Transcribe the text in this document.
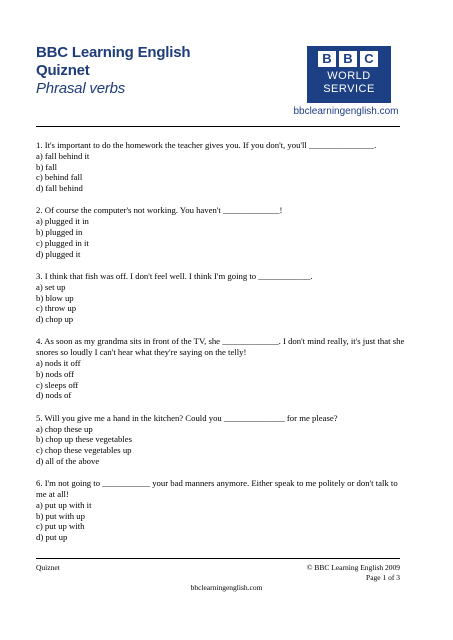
BBC Learning English
Quiznet
Phrasal verbs
B B C
WORLD
SERVICE
bbclearningenglish.com
1. It's important to do the homework the teacher gives you. If you don't, you'll _______________.
a) fall behind it
b) fall
c) behind fall
d) fall behind
2. Of course the computer's not working. You haven't _____________!
a) plugged it in
b) plugged in
c) plugged in it
d) plugged it
3. I think that fish was off. I don't feel well. I think I'm going to ____________.
a) set up
b) blow up
c) throw up
d) chop up
4. As soon as my grandma sits in front of the TV, she _____________. I don't mind really, it's just that she snores so loudly I can't hear what they're saying on the telly!
a) nods it off
b) nods off
c) sleeps off
d) nods of
5. Will you give me a hand in the kitchen? Could you ______________ for me please?
a) chop these up
b) chop up these vegetables
c) chop these vegetables up
d) all of the above
6. I'm not going to ___________ your bad manners anymore. Either speak to me politely or don't talk to me at all!
a) put up with it
b) put with up
c) put up with
d) put up
Quiznet	© BBC Learning English 2009
Page 1 of 3
bbclearningenglish.com
